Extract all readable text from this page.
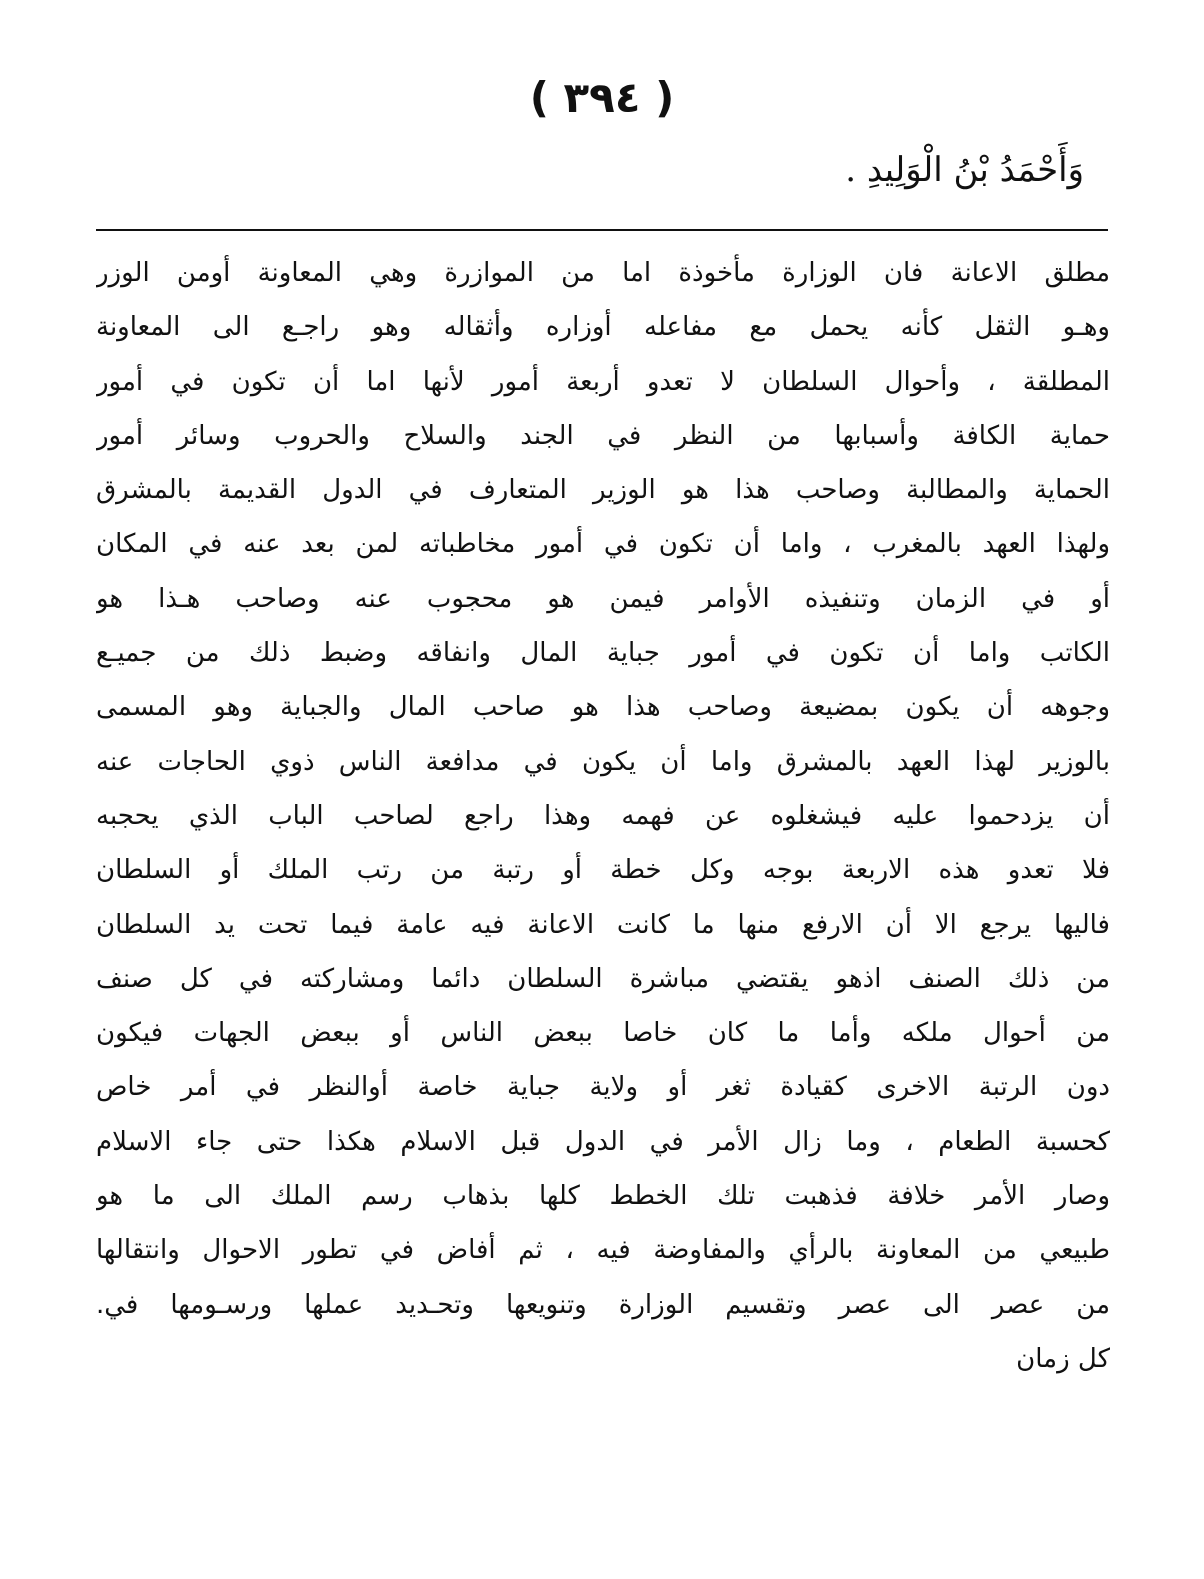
( ٣٩٤ )
وَأَحْمَدُ بْنُ الْوَلِيدِ .
مطلق الاعانة فان الوزارة مأخوذة اما من الموازرة وهي المعاونة أومن الوزر
وهـو الثقل كأنه يحمل مع مفاعله أوزاره وأثقاله وهو راجـع الى المعاونة
المطلقة ، وأحوال السلطان لا تعدو أربعة أمور لأنها اما أن تكون في أمور
حماية الكافة وأسبابها من النظر في الجند والسلاح والحروب وسائر أمور
الحماية والمطالبة وصاحب هذا هو الوزير المتعارف في الدول القديمة بالمشرق
ولهذا العهد بالمغرب ، واما أن تكون في أمور مخاطباته لمن بعد عنه في المكان
أو في الزمان وتنفيذه الأوامر فيمن هو محجوب عنه وصاحب هـذا هو
الكاتب واما أن تكون في أمور جباية المال وانفاقه وضبط ذلك من جميـع
وجوهه أن يكون بمضيعة وصاحب هذا هو صاحب المال والجباية وهو المسمى
بالوزير لهذا العهد بالمشرق واما أن يكون في مدافعة الناس ذوي الحاجات عنه
أن يزدحموا عليه فيشغلوه عن فهمه وهذا راجع لصاحب الباب الذي يحجبه
فلا تعدو هذه الاربعة بوجه وكل خطة أو رتبة من رتب الملك أو السلطان
فاليها يرجع الا أن الارفع منها ما كانت الاعانة فيه عامة فيما تحت يد السلطان
من ذلك الصنف اذهو يقتضي مباشرة السلطان دائما ومشاركته في كل صنف
من أحوال ملكه وأما ما كان خاصا ببعض الناس أو ببعض الجهات فيكون
دون الرتبة الاخرى كقيادة ثغر أو ولاية جباية خاصة أوالنظر في أمر خاص
كحسبة الطعام ، وما زال الأمر في الدول قبل الاسلام هكذا حتى جاء الاسلام
وصار الأمر خلافة فذهبت تلك الخطط كلها بذهاب رسم الملك الى ما هو
طبيعي من المعاونة بالرأي والمفاوضة فيه ، ثم أفاض في تطور الاحوال وانتقالها
من عصر الى عصر وتقسيم الوزارة وتنويعها وتحـديد عملها ورسـومها في.
كل زمان
